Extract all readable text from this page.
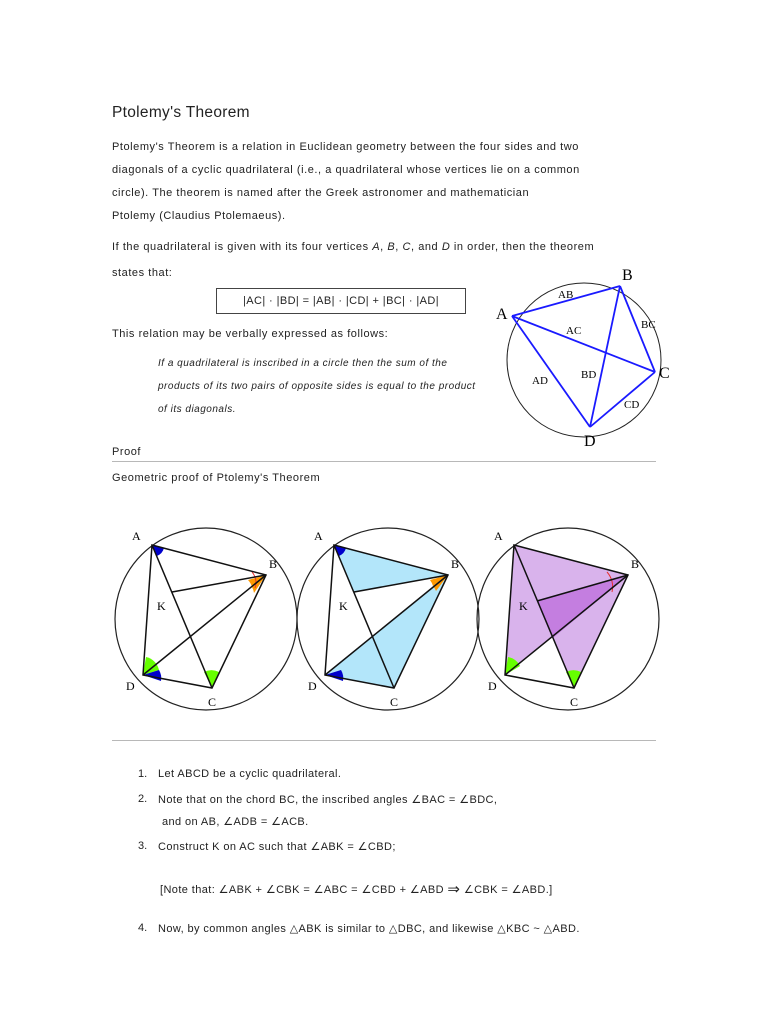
Ptolemy's Theorem
Ptolemy's Theorem is a relation in Euclidean geometry between the four sides and two
diagonals of a cyclic quadrilateral (i.e., a quadrilateral whose vertices lie on a common
circle). The theorem is named after the Greek astronomer and mathematician
Ptolemy (Claudius Ptolemaeus).
If the quadrilateral is given with its four vertices A, B, C, and D in order, then the theorem
states that:
|AC| · |BD| = |AB| · |CD| + |BC| · |AD|
This relation may be verbally expressed as follows:
If a quadrilateral is inscribed in a circle then the sum of the
products of its two pairs of opposite sides is equal to the product
of its diagonals.
A
B
C
D
AB
BC
CD
AD
AC
BD
Proof
Geometric proof of Ptolemy's Theorem
A
B
C
D
K
A
B
C
D
K
A
B
C
D
K
1. Let ABCD be a cyclic quadrilateral.
2. Note that on the chord BC, the inscribed angles ∠BAC = ∠BDC,
and on AB, ∠ADB = ∠ACB.
3. Construct K on AC such that ∠ABK = ∠CBD;
[Note that: ∠ABK + ∠CBK = ∠ABC = ∠CBD + ∠ABD ⇒ ∠CBK = ∠ABD.]
4. Now, by common angles △ABK is similar to △DBC, and likewise △KBC ~ △ABD.
